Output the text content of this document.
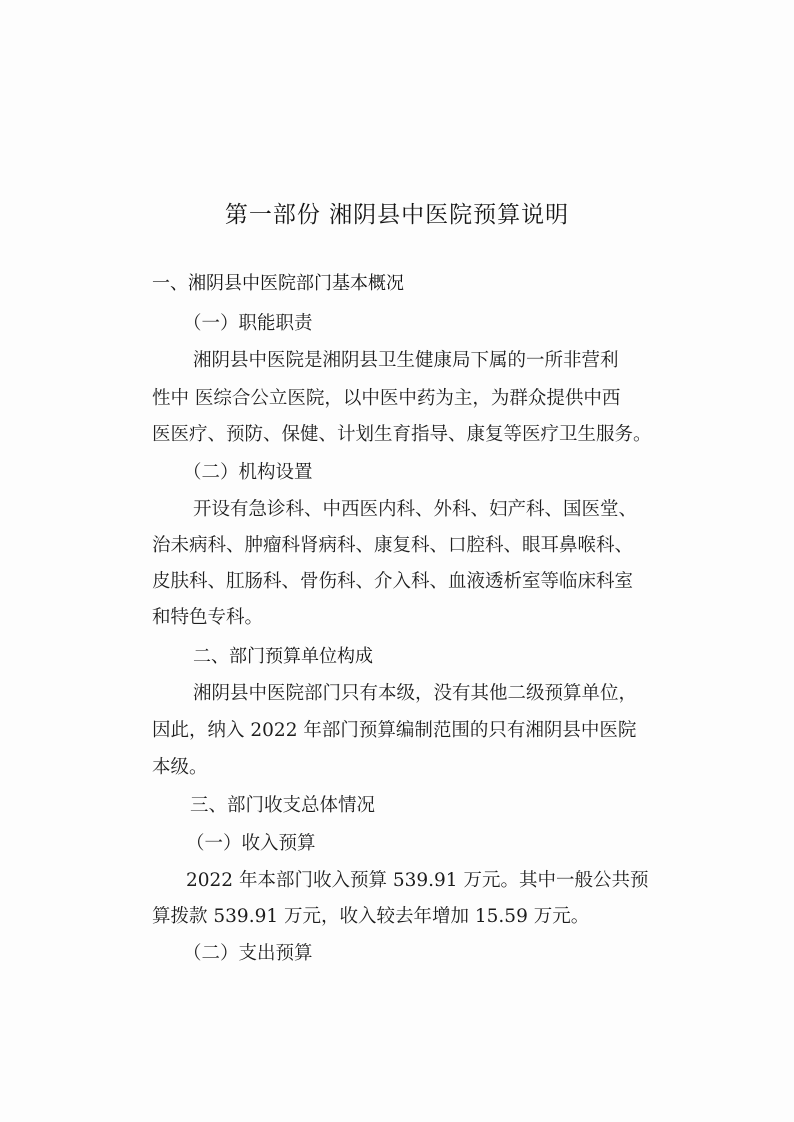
第一部份 湘阴县中医院预算说明
一、湘阴县中医院部门基本概况
（一）职能职责
湘阴县中医院是湘阴县卫生健康局下属的一所非营利
性中 医综合公立医院，以中医中药为主，为群众提供中西
医医疗、预防、保健、计划生育指导、康复等医疗卫生服务。
（二）机构设置
开设有急诊科、中西医内科、外科、妇产科、国医堂、
治未病科、肿瘤科肾病科、康复科、口腔科、眼耳鼻喉科、
皮肤科、肛肠科、骨伤科、介入科、血液透析室等临床科室
和特色专科。
二、部门预算单位构成
湘阴县中医院部门只有本级，没有其他二级预算单位，
因此，纳入 2022 年部门预算编制范围的只有湘阴县中医院
本级。
三、部门收支总体情况
（一）收入预算
2022 年本部门收入预算 539.91 万元。其中一般公共预
算拨款 539.91 万元，收入较去年增加 15.59 万元。
（二）支出预算
